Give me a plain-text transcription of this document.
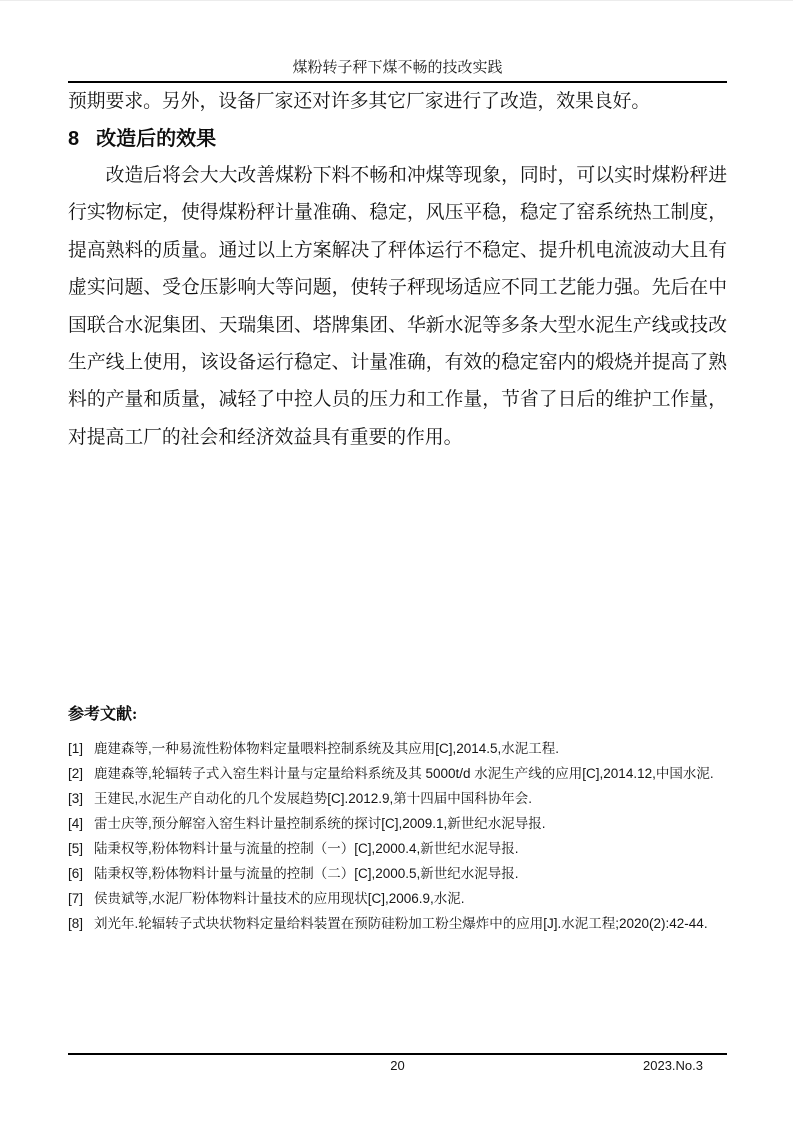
煤粉转子秤下煤不畅的技改实践

预期要求。另外，设备厂家还对许多其它厂家进行了改造，效果良好。

8 改造后的效果

改造后将会大大改善煤粉下料不畅和冲煤等现象，同时，可以实时煤粉秤进行实物标定，使得煤粉秤计量准确、稳定，风压平稳，稳定了窑系统热工制度，提高熟料的质量。通过以上方案解决了秤体运行不稳定、提升机电流波动大且有虚实问题、受仓压影响大等问题，使转子秤现场适应不同工艺能力强。先后在中国联合水泥集团、天瑞集团、塔牌集团、华新水泥等多条大型水泥生产线或技改生产线上使用，该设备运行稳定、计量准确，有效的稳定窑内的煅烧并提高了熟料的产量和质量，减轻了中控人员的压力和工作量，节省了日后的维护工作量，对提高工厂的社会和经济效益具有重要的作用。

参考文献:
[1] 鹿建森等,一种易流性粉体物料定量喂料控制系统及其应用[C],2014.5,水泥工程.
[2] 鹿建森等,轮辐转子式入窑生料计量与定量给料系统及其 5000t/d 水泥生产线的应用[C],2014.12,中国水泥.
[3] 王建民,水泥生产自动化的几个发展趋势[C].2012.9,第十四届中国科协年会.
[4] 雷士庆等,预分解窑入窑生料计量控制系统的探讨[C],2009.1,新世纪水泥导报.
[5] 陆秉权等,粉体物料计量与流量的控制（一）[C],2000.4,新世纪水泥导报.
[6] 陆秉权等,粉体物料计量与流量的控制（二）[C],2000.5,新世纪水泥导报.
[7] 侯贵斌等,水泥厂粉体物料计量技术的应用现状[C],2006.9,水泥.
[8] 刘光年.轮辐转子式块状物料定量给料装置在预防硅粉加工粉尘爆炸中的应用[J].水泥工程;2020(2):42-44.
20	2023.No.3
